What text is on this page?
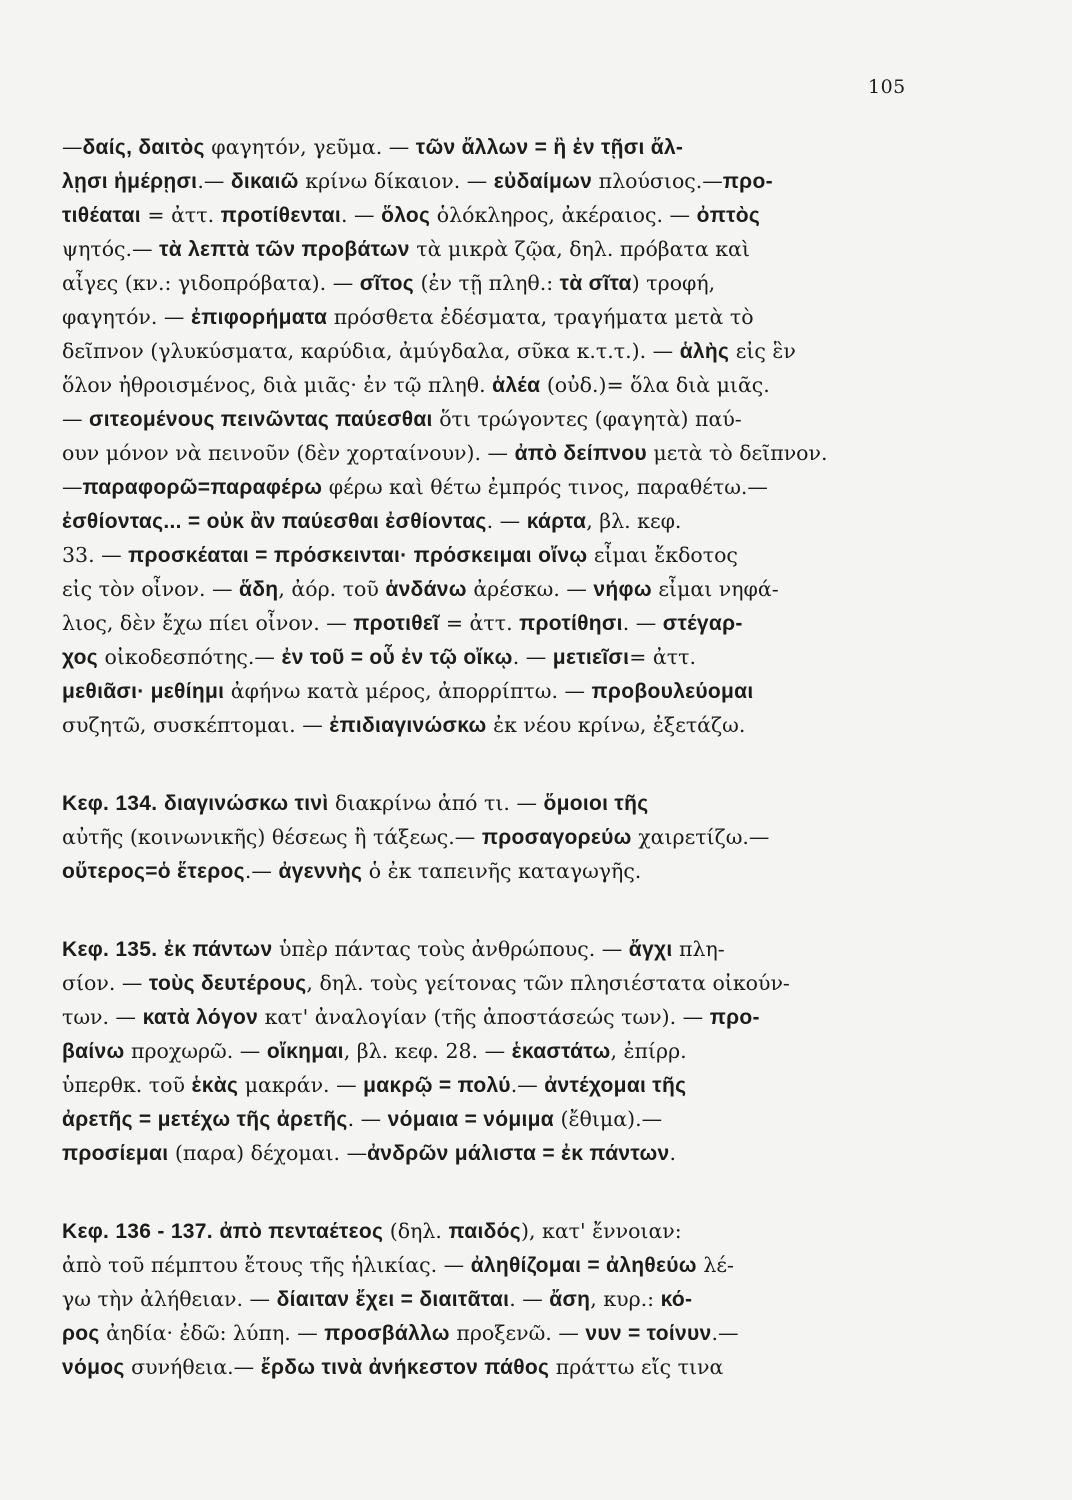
105
—δαίς, δαιτὸς φαγητόν, γεῦμα. — τῶν ἄλλων = ἢ ἐν τῇσι ἄλ-
λῃσι ἡμέρῃσι.— δικαιῶ κρίνω δίκαιον. — εὐδαίμων πλούσιος.—προ-
τιθέαται = ἀττ. προτίθενται. — ὅλος ὁλόκληρος, ἀκέραιος. — ὀπτὸς
ψητός.— τὰ λεπτὰ τῶν προβάτων τὰ μικρὰ ζῷα, δηλ. πρόβατα καὶ
αἶγες (κν.: γιδοπρόβατα). — σῖτος (ἐν τῇ πληθ.: τὰ σῖτα) τροφή,
φαγητόν. — ἐπιφορήματα πρόσθετα ἐδέσματα, τραγήματα μετὰ τὸ
δεῖπνον (γλυκύσματα, καρύδια, ἀμύγδαλα, σῦκα κ.τ.τ.). — ἁλὴς εἰς ἓν
ὅλον ἠθροισμένος, διὰ μιᾶς· ἐν τῷ πληθ. ἁλέα (οὐδ.)= ὅλα διὰ μιᾶς.
— σιτεομένους πεινῶντας παύεσθαι ὅτι τρώγοντες (φαγητὰ) παύ-
ουν μόνον νὰ πεινοῦν (δὲν χορταίνουν). — ἀπὸ δείπνου μετὰ τὸ δεῖπνον.
—παραφορῶ=παραφέρω φέρω καὶ θέτω ἐμπρός τινος, παραθέτω.—
ἐσθίοντας... = οὐκ ἂν παύεσθαι ἐσθίοντας. — κάρτα, βλ. κεφ.
33. — προσκέαται = πρόσκεινται· πρόσκειμαι οἴνῳ εἶμαι ἔκδοτος
εἰς τὸν οἶνον. — ἅδη, ἀόρ. τοῦ ἁνδάνω ἀρέσκω. — νήφω εἶμαι νηφά-
λιος, δὲν ἔχω πίει οἶνον. — προτιθεῖ = ἀττ. προτίθησι. — στέγαρ-
χος οἰκοδεσπότης.— ἐν τοῦ = οὗ ἐν τῷ οἴκῳ. — μετιεῖσι= ἀττ.
μεθιᾶσι· μεθίημι ἀφήνω κατὰ μέρος, ἀπορρίπτω. — προβουλεύομαι
συζητῶ, συσκέπτομαι. — ἐπιδιαγινώσκω ἐκ νέου κρίνω, ἐξετάζω.
Κεφ. 134. διαγινώσκω τινὶ διακρίνω ἀπό τι. — ὅμοιοι τῆς
αὐτῆς (κοινωνικῆς) θέσεως ἢ τάξεως.— προσαγορεύω χαιρετίζω.—
οὔτερος=ὁ ἕτερος.— ἀγεννὴς ὁ ἐκ ταπεινῆς καταγωγῆς.
Κεφ. 135. ἐκ πάντων ὑπὲρ πάντας τοὺς ἀνθρώπους. — ἄγχι πλη-
σίον. — τοὺς δευτέρους, δηλ. τοὺς γείτονας τῶν πλησιέστατα οἰκούν-
των. — κατὰ λόγον κατ' ἀναλογίαν (τῆς ἀποστάσεώς των). — προ-
βαίνω προχωρῶ. — οἴκημαι, βλ. κεφ. 28. — ἑκαστάτω, ἐπίρρ.
ὑπερθκ. τοῦ ἑκὰς μακράν. — μακρῷ = πολύ.— ἀντέχομαι τῆς
ἀρετῆς = μετέχω τῆς ἀρετῆς. — νόμαια = νόμιμα (ἔθιμα).—
προσίεμαι (παρα) δέχομαι. —ἀνδρῶν μάλιστα = ἐκ πάντων.
Κεφ. 136 - 137. ἀπὸ πενταέτεος (δηλ. παιδός), κατ' ἔννοιαν:
ἀπὸ τοῦ πέμπτου ἔτους τῆς ἡλικίας. — ἀληθίζομαι = ἀληθεύω λέ-
γω τὴν ἀλήθειαν. — δίαιταν ἔχει = διαιτᾶται. — ἄση, κυρ.: κό-
ρος ἀηδία· ἐδῶ: λύπη. — προσβάλλω προξενῶ. — νυν = τοίνυν.—
νόμος συνήθεια.— ἔρδω τινὰ ἀνήκεστον πάθος πράττω εἴς τινα
